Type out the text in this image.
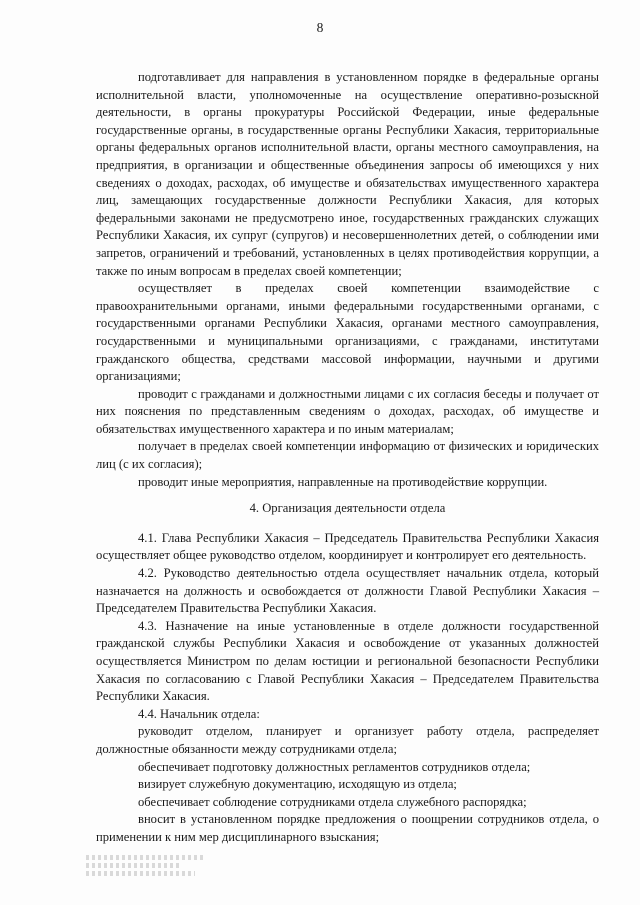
8

подготавливает для направления в установленном порядке в федеральные органы исполнительной власти, уполномоченные на осуществление оперативно-розыскной деятельности, в органы прокуратуры Российской Федерации, иные федеральные государственные органы, в государственные органы Республики Хакасия, территориальные органы федеральных органов исполнительной власти, органы местного самоуправления, на предприятия, в организации и общественные объединения запросы об имеющихся у них сведениях о доходах, расходах, об имуществе и обязательствах имущественного характера лиц, замещающих государственные должности Республики Хакасия, для которых федеральными законами не предусмотрено иное, государственных гражданских служащих Республики Хакасия, их супруг (супругов) и несовершеннолетних детей, о соблюдении ими запретов, ограничений и требований, установленных в целях противодействия коррупции, а также по иным вопросам в пределах своей компетенции;

осуществляет в пределах своей компетенции взаимодействие с правоохранительными органами, иными федеральными государственными органами, с государственными органами Республики Хакасия, органами местного самоуправления, государственными и муниципальными организациями, с гражданами, институтами гражданского общества, средствами массовой информации, научными и другими организациями;

проводит с гражданами и должностными лицами с их согласия беседы и получает от них пояснения по представленным сведениям о доходах, расходах, об имуществе и обязательствах имущественного характера и по иным материалам;

получает в пределах своей компетенции информацию от физических и юридических лиц (с их согласия);

проводит иные мероприятия, направленные на противодействие коррупции.

4. Организация деятельности отдела

4.1. Глава Республики Хакасия – Председатель Правительства Республики Хакасия осуществляет общее руководство отделом, координирует и контролирует его деятельность.

4.2. Руководство деятельностью отдела осуществляет начальник отдела, который назначается на должность и освобождается от должности Главой Республики Хакасия – Председателем Правительства Республики Хакасия.

4.3. Назначение на иные установленные в отделе должности государственной гражданской службы Республики Хакасия и освобождение от указанных должностей осуществляется Министром по делам юстиции и региональной безопасности Республики Хакасия по согласованию с Главой Республики Хакасия – Председателем Правительства Республики Хакасия.

4.4. Начальник отдела:

руководит отделом, планирует и организует работу отдела, распределяет должностные обязанности между сотрудниками отдела;

обеспечивает подготовку должностных регламентов сотрудников отдела;

визирует служебную документацию, исходящую из отдела;

обеспечивает соблюдение сотрудниками отдела служебного распорядка;

вносит в установленном порядке предложения о поощрении сотрудников отдела, о применении к ним мер дисциплинарного взыскания;
